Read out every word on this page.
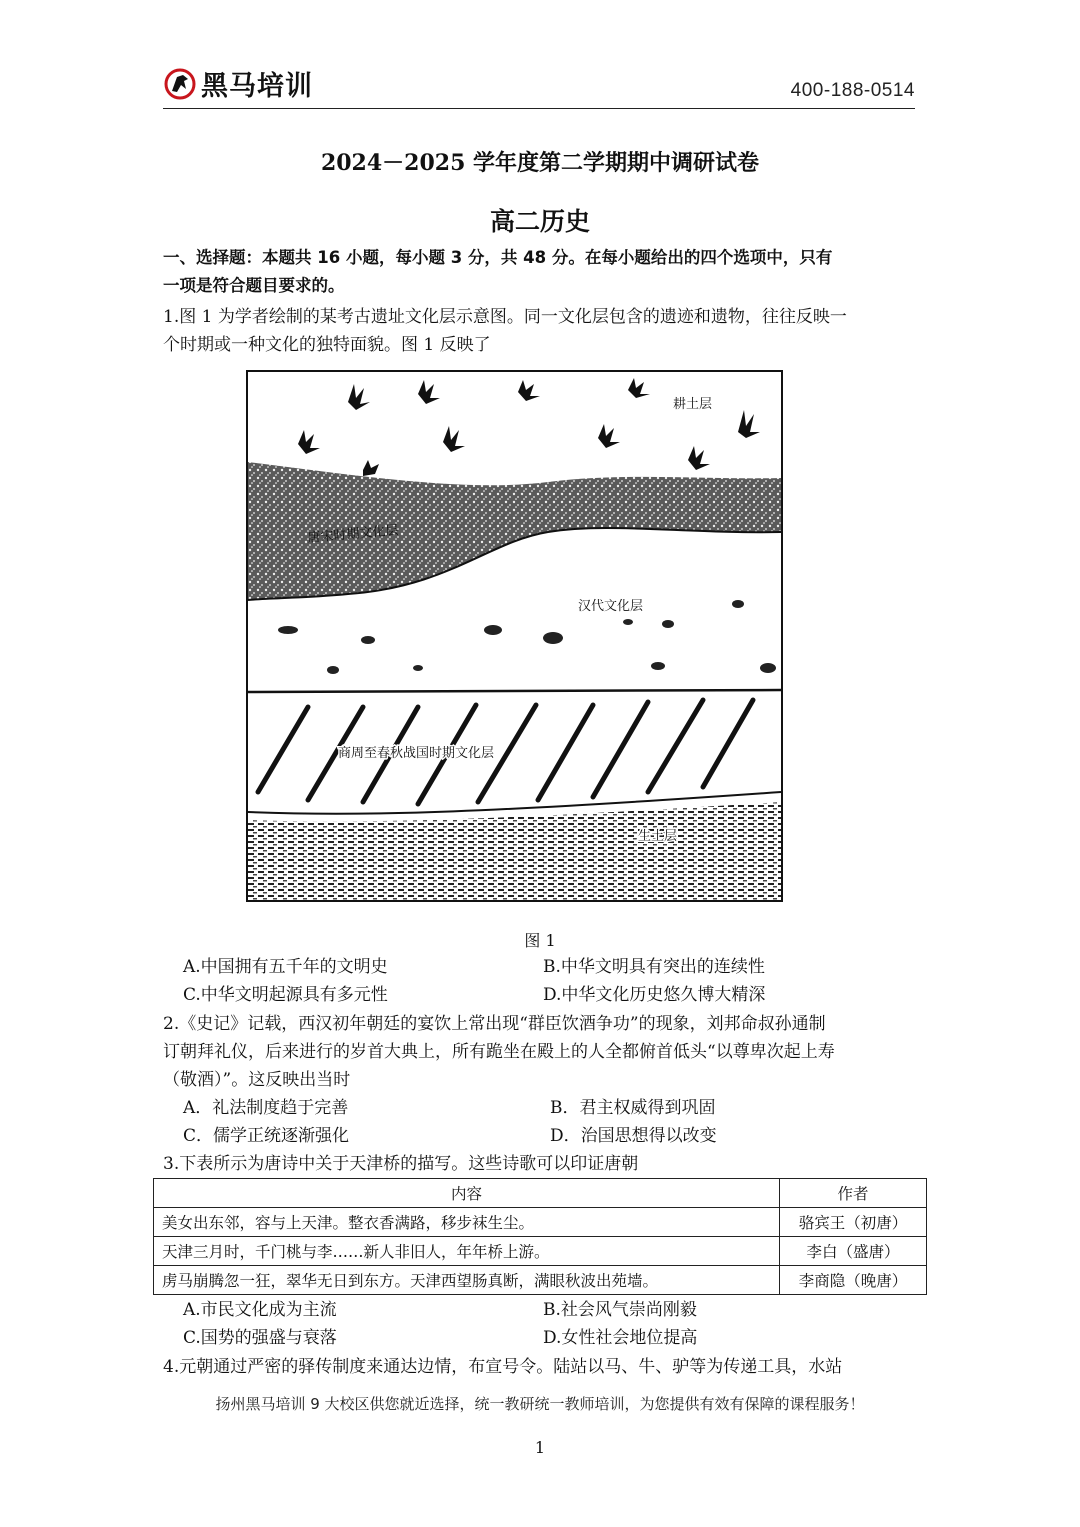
黑马培训	400-188-0514
2024－2025 学年度第二学期期中调研试卷
高二历史
一、选择题：本题共 16 小题，每小题 3 分，共 48 分。在每小题给出的四个选项中，只有
一项是符合题目要求的。
1.图 1 为学者绘制的某考古遗址文化层示意图。同一文化层包含的遗迹和遗物，往往反映一
个时期或一种文化的独特面貌。图 1 反映了
耕土层
唐宋时期文化层
汉代文化层
商周至春秋战国时期文化层
生土层
图 1
A.中国拥有五千年的文明史	B.中华文明具有突出的连续性
C.中华文明起源具有多元性	D.中华文化历史悠久博大精深
2.《史记》记载，西汉初年朝廷的宴饮上常出现“群臣饮酒争功”的现象，刘邦命叔孙通制
订朝拜礼仪，后来进行的岁首大典上，所有跪坐在殿上的人全都俯首低头“以尊卑次起上寿
（敬酒）”。这反映出当时
A．礼法制度趋于完善	B．君主权威得到巩固
C．儒学正统逐渐强化	D．治国思想得以改变
3.下表所示为唐诗中关于天津桥的描写。这些诗歌可以印证唐朝
内容	作者
美女出东邻，容与上天津。整衣香满路，移步袜生尘。	骆宾王（初唐）
天津三月时，千门桃与李……新人非旧人，年年桥上游。	李白（盛唐）
虏马崩腾忽一狂，翠华无日到东方。天津西望肠真断，满眼秋波出苑墙。	李商隐（晚唐）
A.市民文化成为主流	B.社会风气崇尚刚毅
C.国势的强盛与衰落	D.女性社会地位提高
4.元朝通过严密的驿传制度来通达边情，布宣号令。陆站以马、牛、驴等为传递工具，水站
扬州黑马培训 9 大校区供您就近选择，统一教研统一教师培训，为您提供有效有保障的课程服务！
1
